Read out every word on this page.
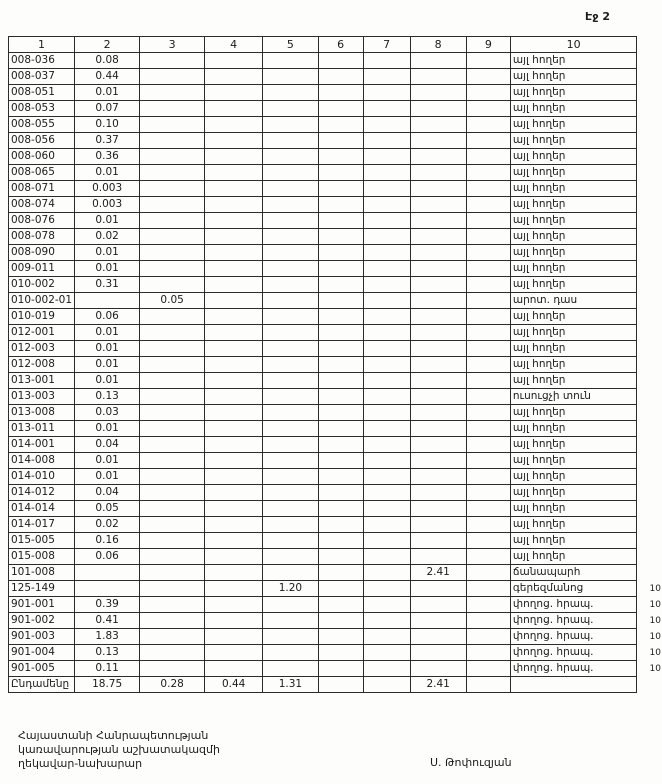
Էջ 2
1	2	3	4	5	6	7	8	9	10	
008-036	0.08								այլ հողեր	
008-037	0.44								այլ հողեր	
008-051	0.01								այլ հողեր	
008-053	0.07								այլ հողեր	
008-055	0.10								այլ հողեր	
008-056	0.37								այլ հողեր	
008-060	0.36								այլ հողեր	
008-065	0.01								այլ հողեր	
008-071	0.003								այլ հողեր	
008-074	0.003								այլ հողեր	
008-076	0.01								այլ հողեր	
008-078	0.02								այլ հողեր	
008-090	0.01								այլ հողեր	
009-011	0.01								այլ հողեր	
010-002	0.31								այլ հողեր	
010-002-01		0.05							արոտ. դաս	
010-019	0.06								այլ հողեր	
012-001	0.01								այլ հողեր	
012-003	0.01								այլ հողեր	
012-008	0.01								այլ հողեր	
013-001	0.01								այլ հողեր	
013-003	0.13								ուսուցչի տուն	
013-008	0.03								այլ հողեր	
013-011	0.01								այլ հողեր	
014-001	0.04								այլ հողեր	
014-008	0.01								այլ հողեր	
014-010	0.01								այլ հողեր	
014-012	0.04								այլ հողեր	
014-014	0.05								այլ հողեր	
014-017	0.02								այլ հողեր	
015-005	0.16								այլ հողեր	
015-008	0.06								այլ հողեր	
101-008							2.41		ճանապարհ	
125-149				1.20					գերեզմանոց	10
901-001	0.39								փողոց. հրապ.	10
901-002	0.41								փողոց. հրապ.	10
901-003	1.83								փողոց. հրապ.	10
901-004	0.13								փողոց. հրապ.	10
901-005	0.11								փողոց. հրապ.	10
Ընդամենը	18.75	0.28	0.44	1.31			2.41			
Հայաստանի Հանրապետության
կառավարության աշխատակազմի
ղեկավար-նախարար	Ս. Թոփուզյան
